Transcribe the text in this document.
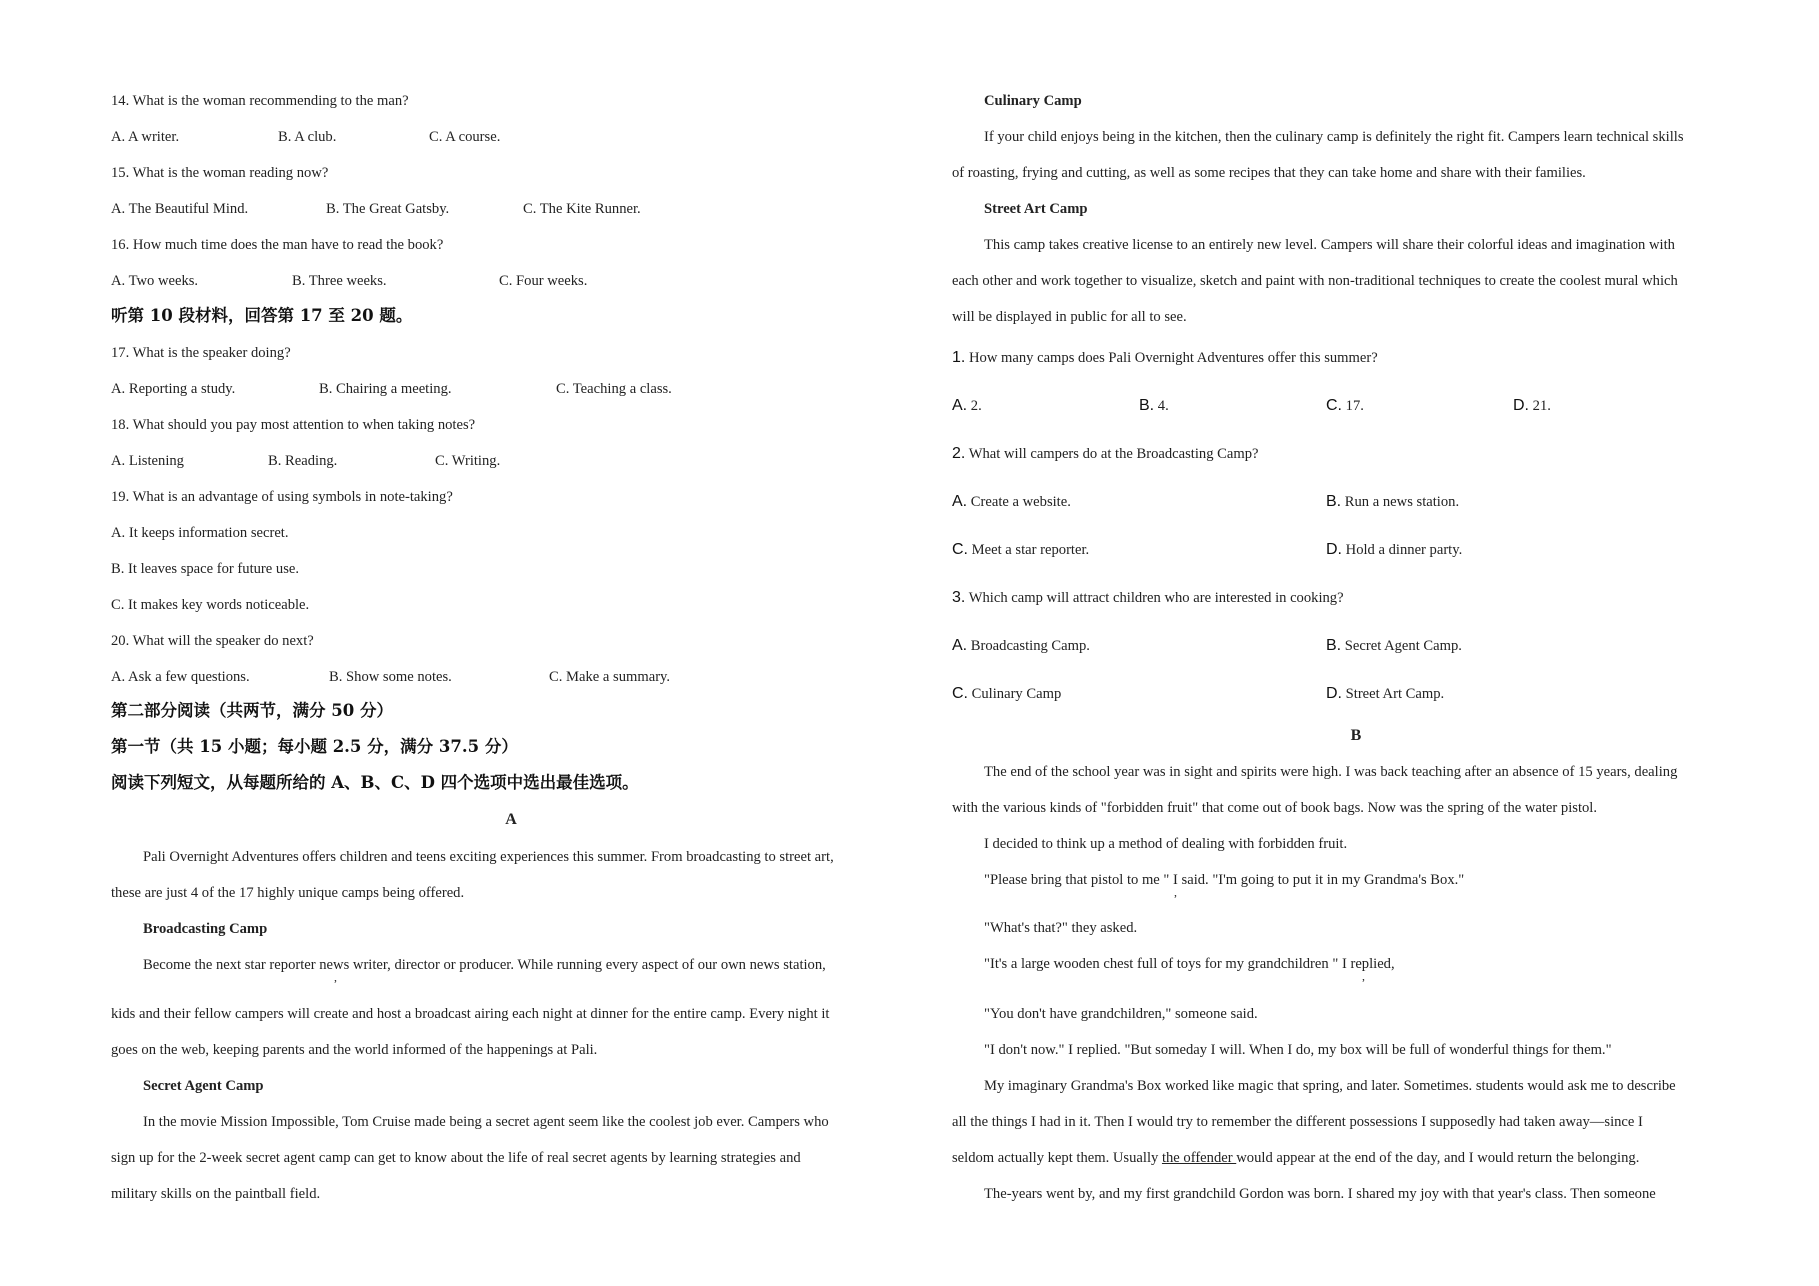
14. What is the woman recommending to the man?
A. A writer.	B. A club.	C. A course.
15. What is the woman reading now?
A. The Beautiful Mind.	B. The Great Gatsby.	C. The Kite Runner.
16. How much time does the man have to read the book?
A. Two weeks.	B. Three weeks.	C. Four weeks.
听第 10 段材料，回答第 17 至 20 题。
17. What is the speaker doing?
A. Reporting a study.	B. Chairing a meeting.	C. Teaching a class.
18. What should you pay most attention to when taking notes?
A. Listening	B. Reading.	C. Writing.
19. What is an advantage of using symbols in note-taking?
A. It keeps information secret.
B. It leaves space for future use.
C. It makes key words noticeable.
20. What will the speaker do next?
A. Ask a few questions.	B. Show some notes.	C. Make a summary.
第二部分阅读（共两节，满分 50 分）
第一节（共 15 小题；每小题 2.5 分，满分 37.5 分）
阅读下列短文，从每题所给的 A、B、C、D 四个选项中选出最佳选项。
A
Pali Overnight Adventures offers children and teens exciting experiences this summer. From broadcasting to street art,
these are just 4 of the 17 highly unique camps being offered.
Broadcasting Camp
Become the next star reporter news writer, director or producer. While running every aspect of our own news station,
,
kids and their fellow campers will create and host a broadcast airing each night at dinner for the entire camp. Every night it
goes on the web, keeping parents and the world informed of the happenings at Pali.
Secret Agent Camp
In the movie Mission Impossible, Tom Cruise made being a secret agent seem like the coolest job ever. Campers who
sign up for the 2-week secret agent camp can get to know about the life of real secret agents by learning strategies and
military skills on the paintball field.
Culinary Camp
If your child enjoys being in the kitchen, then the culinary camp is definitely the right fit. Campers learn technical skills
of roasting, frying and cutting, as well as some recipes that they can take home and share with their families.
Street Art Camp
This camp takes creative license to an entirely new level. Campers will share their colorful ideas and imagination with
each other and work together to visualize, sketch and paint with non-traditional techniques to create the coolest mural which
will be displayed in public for all to see.
1. How many camps does Pali Overnight Adventures offer this summer?
A. 2.	B. 4.	C. 17.	D. 21.
2. What will campers do at the Broadcasting Camp?
A. Create a website.	B. Run a news station.
C. Meet a star reporter.	D. Hold a dinner party.
3. Which camp will attract children who are interested in cooking?
A. Broadcasting Camp.	B. Secret Agent Camp.
C. Culinary Camp	D. Street Art Camp.
B
The end of the school year was in sight and spirits were high. I was back teaching after an absence of 15 years, dealing
with the various kinds of "forbidden fruit" that come out of book bags. Now was the spring of the water pistol.
I decided to think up a method of dealing with forbidden fruit.
"Please bring that pistol to me " I said. "I'm going to put it in my Grandma's Box."
,
"What's that?" they asked.
"It's a large wooden chest full of toys for my grandchildren " I replied,
,
"You don't have grandchildren," someone said.
"I don't now." I replied. "But someday I will. When I do, my box will be full of wonderful things for them."
My imaginary Grandma's Box worked like magic that spring, and later. Sometimes. students would ask me to describe
all the things I had in it. Then I would try to remember the different possessions I supposedly had taken away—since I
seldom actually kept them. Usually the offender would appear at the end of the day, and I would return the belonging.
The-years went by, and my first grandchild Gordon was born. I shared my joy with that year's class. Then someone
